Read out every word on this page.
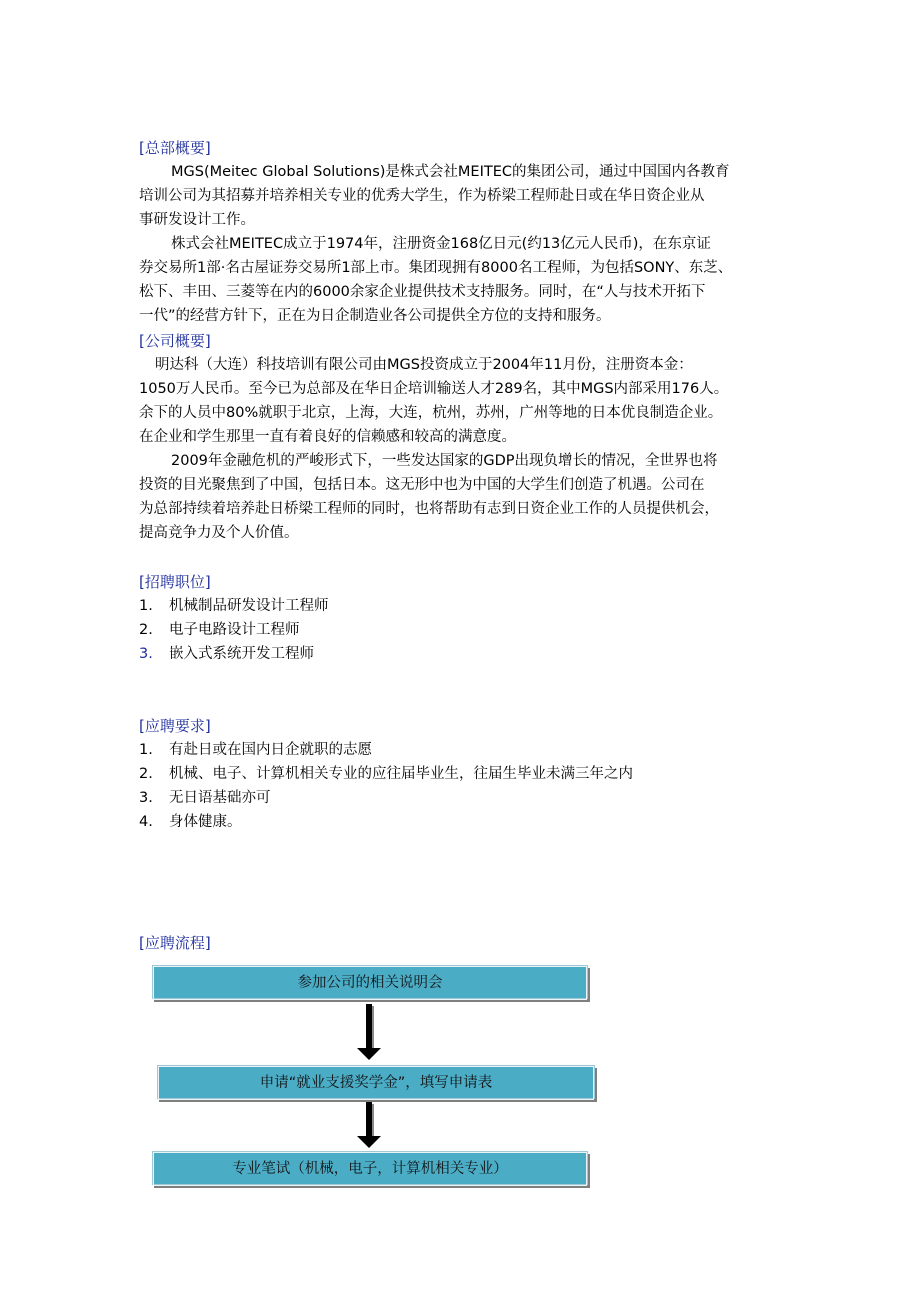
[总部概要]
MGS(Meitec Global Solutions)是株式会社MEITEC的集团公司，通过中国国内各教育
培训公司为其招募并培养相关专业的优秀大学生，作为桥梁工程师赴日或在华日资企业从
事研发设计工作。
株式会社MEITEC成立于1974年，注册资金168亿日元(约13亿元人民币)，在东京证
券交易所1部·名古屋证券交易所1部上市。集团现拥有8000名工程师，为包括SONY、东芝、
松下、丰田、三菱等在内的6000余家企业提供技术支持服务。同时，在“人与技术开拓下
一代”的经营方针下，正在为日企制造业各公司提供全方位的支持和服务。
[公司概要]
明达科（大连）科技培训有限公司由MGS投资成立于2004年11月份，注册资本金：
1050万人民币。至今已为总部及在华日企培训输送人才289名，其中MGS内部采用176人。
余下的人员中80%就职于北京，上海，大连，杭州，苏州，广州等地的日本优良制造企业。
在企业和学生那里一直有着良好的信赖感和较高的满意度。
2009年金融危机的严峻形式下，一些发达国家的GDP出现负增长的情况，全世界也将
投资的目光聚焦到了中国，包括日本。这无形中也为中国的大学生们创造了机遇。公司在
为总部持续着培养赴日桥梁工程师的同时，也将帮助有志到日资企业工作的人员提供机会，
提高竞争力及个人价值。
[招聘职位]
1. 机械制品研发设计工程师
2. 电子电路设计工程师
3. 嵌入式系统开发工程师
[应聘要求]
1. 有赴日或在国内日企就职的志愿
2. 机械、电子、计算机相关专业的应往届毕业生，往届生毕业未满三年之内
3. 无日语基础亦可
4. 身体健康。
[应聘流程]
参加公司的相关说明会
申请“就业支援奖学金”，填写申请表
专业笔试（机械，电子，计算机相关专业）
